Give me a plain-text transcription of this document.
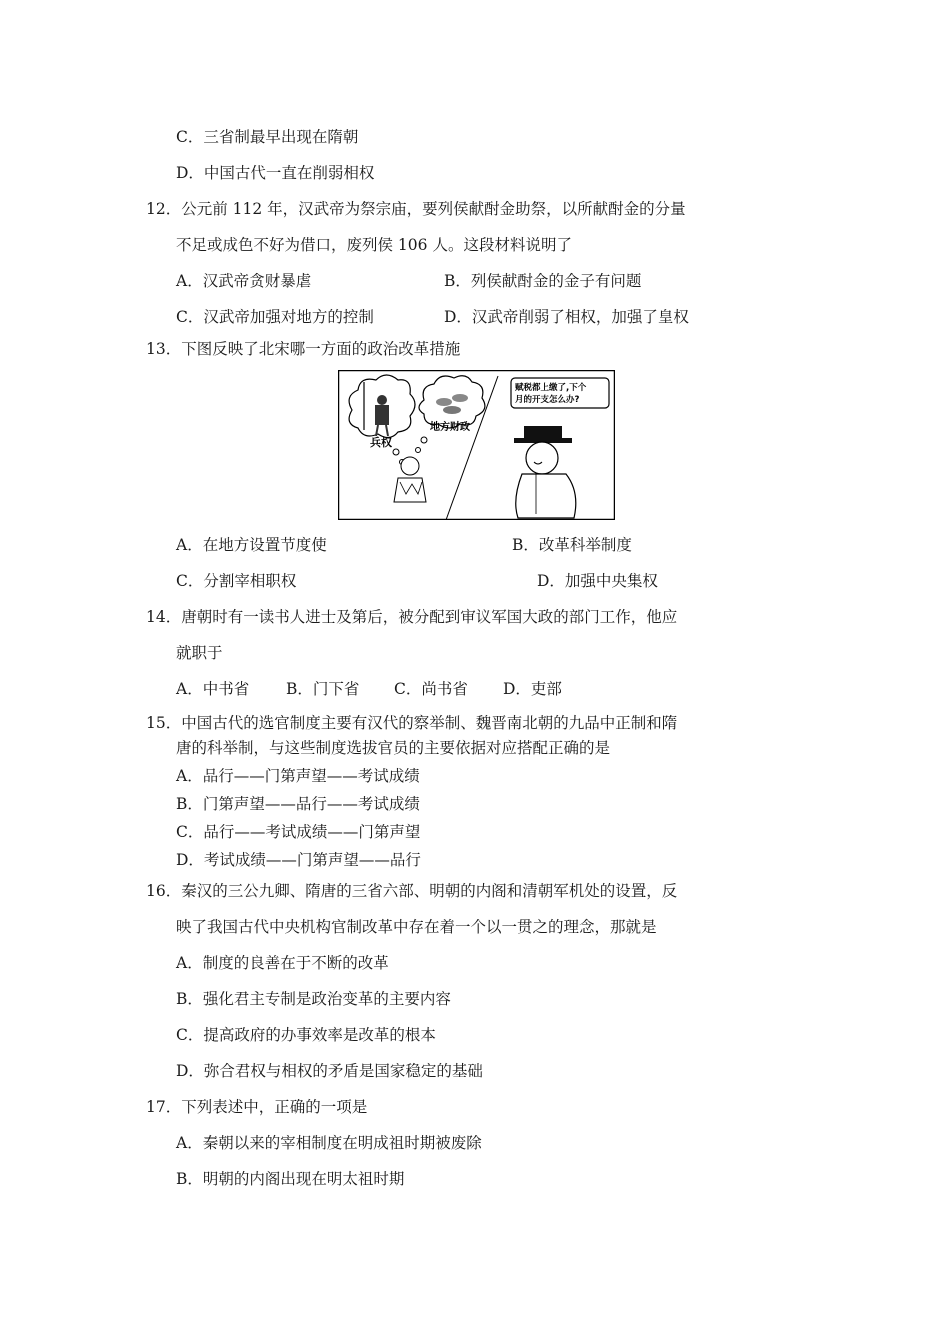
C．三省制最早出现在隋朝
D．中国古代一直在削弱相权
12．公元前 112 年，汉武帝为祭宗庙，要列侯献酎金助祭，以所献酎金的分量
不足或成色不好为借口，废列侯 106 人。这段材料说明了
A．汉武帝贪财暴虐	B．列侯献酎金的金子有问题
C．汉武帝加强对地方的控制	D．汉武帝削弱了相权，加强了皇权
13．下图反映了北宋哪一方面的政治改革措施
兵权
地方财政
赋税都上缴了,下个 月的开支怎么办?
A．在地方设置节度使	B．改革科举制度
C．分割宰相职权	D．加强中央集权
14．唐朝时有一读书人进士及第后，被分配到审议军国大政的部门工作，他应
就职于
A．中书省 B．门下省 C．尚书省 D．吏部
15．中国古代的选官制度主要有汉代的察举制、魏晋南北朝的九品中正制和隋
唐的科举制，与这些制度选拔官员的主要依据对应搭配正确的是
A．品行——门第声望——考试成绩
B．门第声望——品行——考试成绩
C．品行——考试成绩——门第声望
D．考试成绩——门第声望——品行
16．秦汉的三公九卿、隋唐的三省六部、明朝的内阁和清朝军机处的设置，反
映了我国古代中央机构官制改革中存在着一个以一贯之的理念，那就是
A．制度的良善在于不断的改革
B．强化君主专制是政治变革的主要内容
C．提高政府的办事效率是改革的根本
D．弥合君权与相权的矛盾是国家稳定的基础
17．下列表述中，正确的一项是
A．秦朝以来的宰相制度在明成祖时期被废除
B．明朝的内阁出现在明太祖时期
